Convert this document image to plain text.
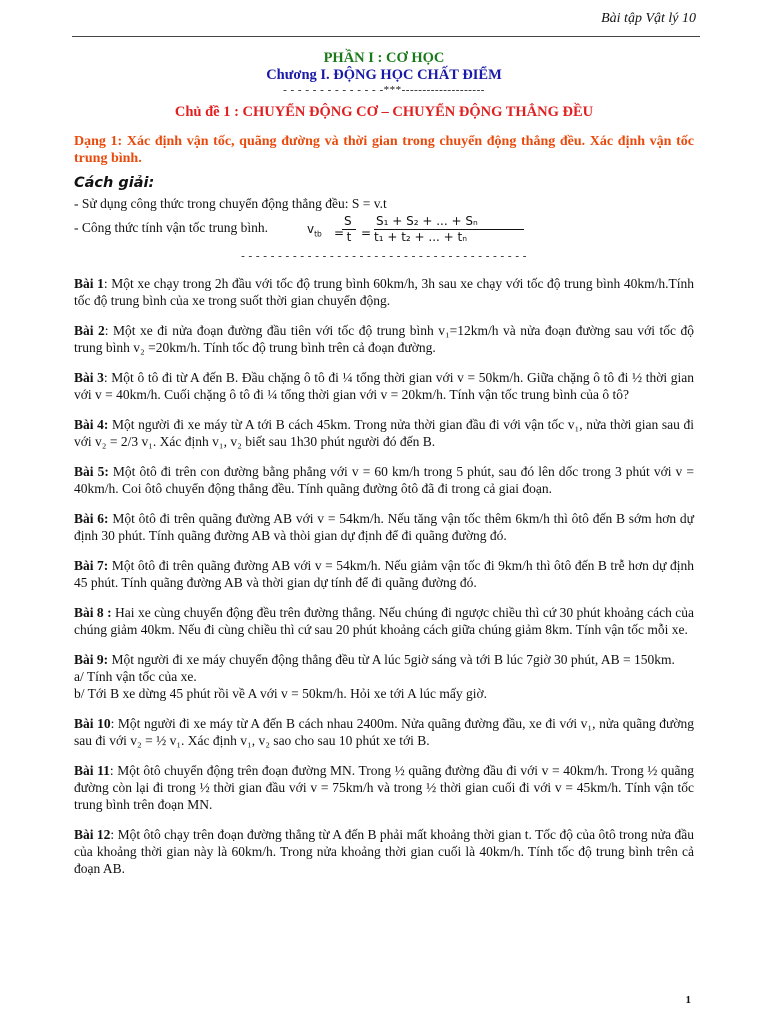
Bài tập Vật lý 10
PHẦN I : CƠ HỌC
Chương I. ĐỘNG HỌC CHẤT ĐIỂM
- - - - - - - - - - - - - -***--------------------
Chủ đề 1 : CHUYỂN ĐỘNG CƠ – CHUYỂN ĐỘNG THẲNG ĐỀU
Dạng 1: Xác định vận tốc, quãng đường và thời gian trong chuyển động thẳng đều. Xác định vận tốc trung bình.
Cách giải:
- Sử dụng công thức trong chuyển động thẳng đều: S = v.t
- Công thức tính vận tốc trung bình.	$v_{tb}$ =
S
t =
S₁ + S₂ + ... + Sₙ
t₁ + t₂ + ... + tₙ
- - - - - - - - - - - - - - - - - - - - - - - - - - - - - - - - - - - - - - -
Bài 1: Một xe chạy trong 2h đầu với tốc độ trung bình 60km/h, 3h sau xe chạy với tốc độ trung bình 40km/h.Tính tốc độ trung bình của xe trong suốt thời gian chuyển động.
Bài 2: Một xe đi nửa đoạn đường đầu tiên với tốc độ trung bình v₁=12km/h và nửa đoạn đường sau với tốc độ trung bình v₂ =20km/h. Tính tốc độ trung bình trên cả đoạn đường.
Bài 3: Một ô tô đi từ A đến B. Đầu chặng ô tô đi ¼ tổng thời gian với v = 50km/h. Giữa chặng ô tô đi ½ thời gian với v = 40km/h. Cuối chặng ô tô đi ¼ tổng thời gian với v = 20km/h. Tính vận tốc trung bình của ô tô?
Bài 4: Một người đi xe máy từ A tới B cách 45km. Trong nửa thời gian đầu đi với vận tốc v₁, nửa thời gian sau đi với v₂ = 2/3 v₁. Xác định v₁, v₂ biết sau 1h30 phút người đó đến B.
Bài 5: Một ôtô đi trên con đường bằng phẳng với v = 60 km/h trong 5 phút, sau đó lên dốc trong 3 phút với v = 40km/h. Coi ôtô chuyển động thẳng đều. Tính quãng đường ôtô đã đi trong cả giai đoạn.
Bài 6: Một ôtô đi trên quãng đường AB với v = 54km/h. Nếu tăng vận tốc thêm 6km/h thì ôtô đến B sớm hơn dự định 30 phút. Tính quãng đường AB và thòi gian dự định để đi quãng đường đó.
Bài 7: Một ôtô đi trên quãng đường AB với v = 54km/h. Nếu giảm vận tốc đi 9km/h thì ôtô đến B trễ hơn dự định 45 phút. Tính quãng đường AB và thời gian dự tính để đi quãng đường đó.
Bài 8 : Hai xe cùng chuyển động đều trên đường thẳng. Nếu chúng đi ngược chiều thì cứ 30 phút khoảng cách của chúng giảm 40km. Nếu đi cùng chiều thì cứ sau 20 phút khoảng cách giữa chúng giảm 8km. Tính vận tốc mỗi xe.
Bài 9: Một người đi xe máy chuyển động thẳng đều từ A lúc 5giờ sáng và tới B lúc 7giờ 30 phút, AB = 150km.
a/ Tính vận tốc của xe.
b/ Tới B xe dừng 45 phút rồi về A với v = 50km/h. Hỏi xe tới A lúc mấy giờ.
Bài 10: Một người đi xe máy từ A đến B cách nhau 2400m. Nửa quãng đường đầu, xe đi với v₁, nửa quãng đường sau đi với v₂ = ½ v₁. Xác định v₁, v₂ sao cho sau 10 phút xe tới B.
Bài 11: Một ôtô chuyển động trên đoạn đường MN. Trong ½ quãng đường đầu đi với v = 40km/h. Trong ½ quãng đường còn lại đi trong ½ thời gian đầu với v = 75km/h và trong ½ thời gian cuối đi với v = 45km/h. Tính vận tốc trung bình trên đoạn MN.
Bài 12: Một ôtô chạy trên đoạn đường thẳng từ A đến B phải mất khoảng thời gian t. Tốc độ của ôtô trong nửa đầu của khoảng thời gian này là 60km/h. Trong nửa khoảng thời gian cuối là 40km/h. Tính tốc độ trung bình trên cả đoạn AB.
1
